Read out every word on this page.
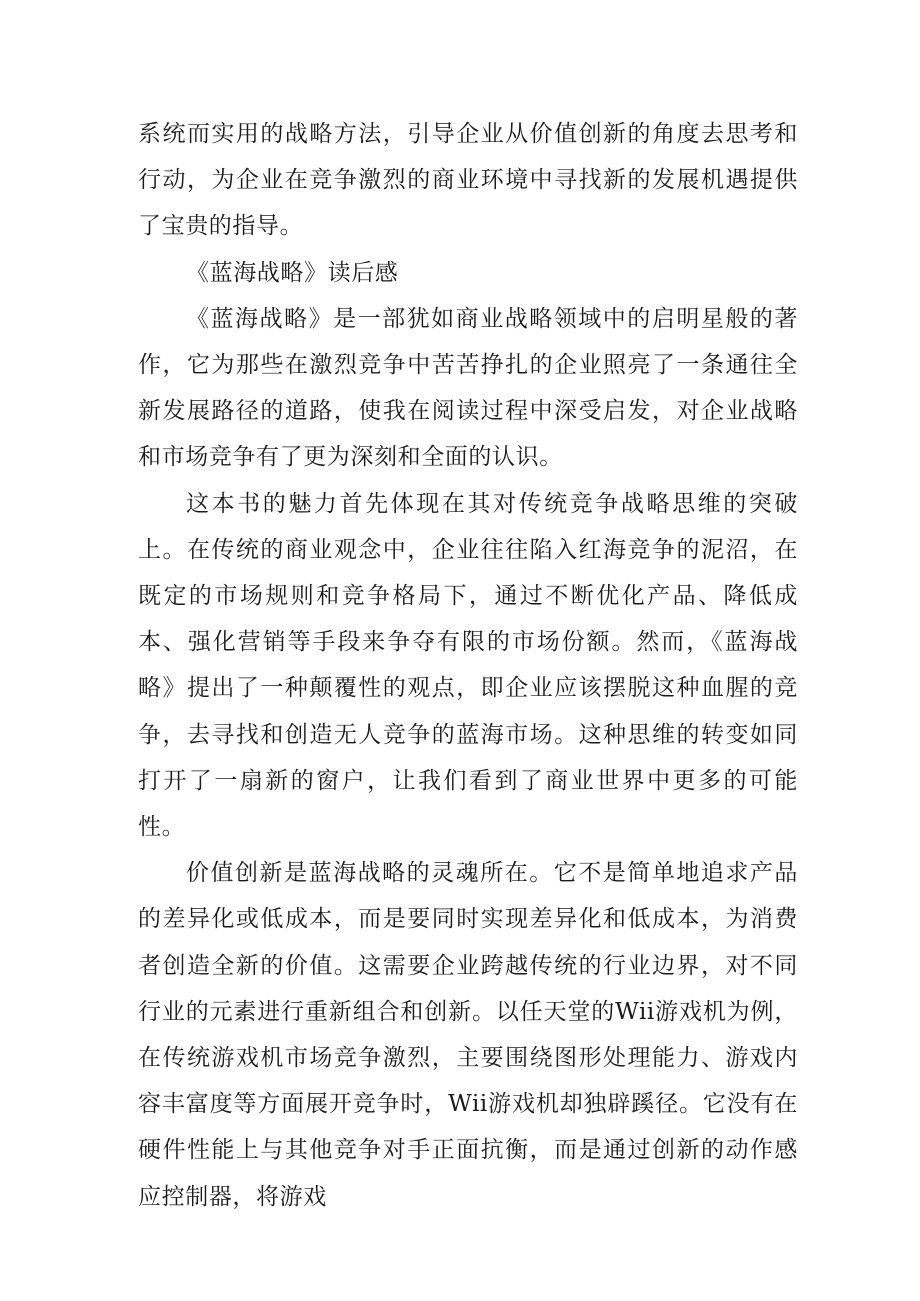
系统而实用的战略方法，引导企业从价值创新的角度去思考和行动，为企业在竞争激烈的商业环境中寻找新的发展机遇提供了宝贵的指导。

《蓝海战略》读后感

《蓝海战略》是一部犹如商业战略领域中的启明星般的著作，它为那些在激烈竞争中苦苦挣扎的企业照亮了一条通往全新发展路径的道路，使我在阅读过程中深受启发，对企业战略和市场竞争有了更为深刻和全面的认识。

这本书的魅力首先体现在其对传统竞争战略思维的突破上。在传统的商业观念中，企业往往陷入红海竞争的泥沼，在既定的市场规则和竞争格局下，通过不断优化产品、降低成本、强化营销等手段来争夺有限的市场份额。然而，《蓝海战略》提出了一种颠覆性的观点，即企业应该摆脱这种血腥的竞争，去寻找和创造无人竞争的蓝海市场。这种思维的转变如同打开了一扇新的窗户，让我们看到了商业世界中更多的可能性。

价值创新是蓝海战略的灵魂所在。它不是简单地追求产品的差异化或低成本，而是要同时实现差异化和低成本，为消费者创造全新的价值。这需要企业跨越传统的行业边界，对不同行业的元素进行重新组合和创新。以任天堂的Wii游戏机为例，在传统游戏机市场竞争激烈，主要围绕图形处理能力、游戏内容丰富度等方面展开竞争时，Wii游戏机却独辟蹊径。它没有在硬件性能上与其他竞争对手正面抗衡，而是通过创新的动作感应控制器，将游戏
